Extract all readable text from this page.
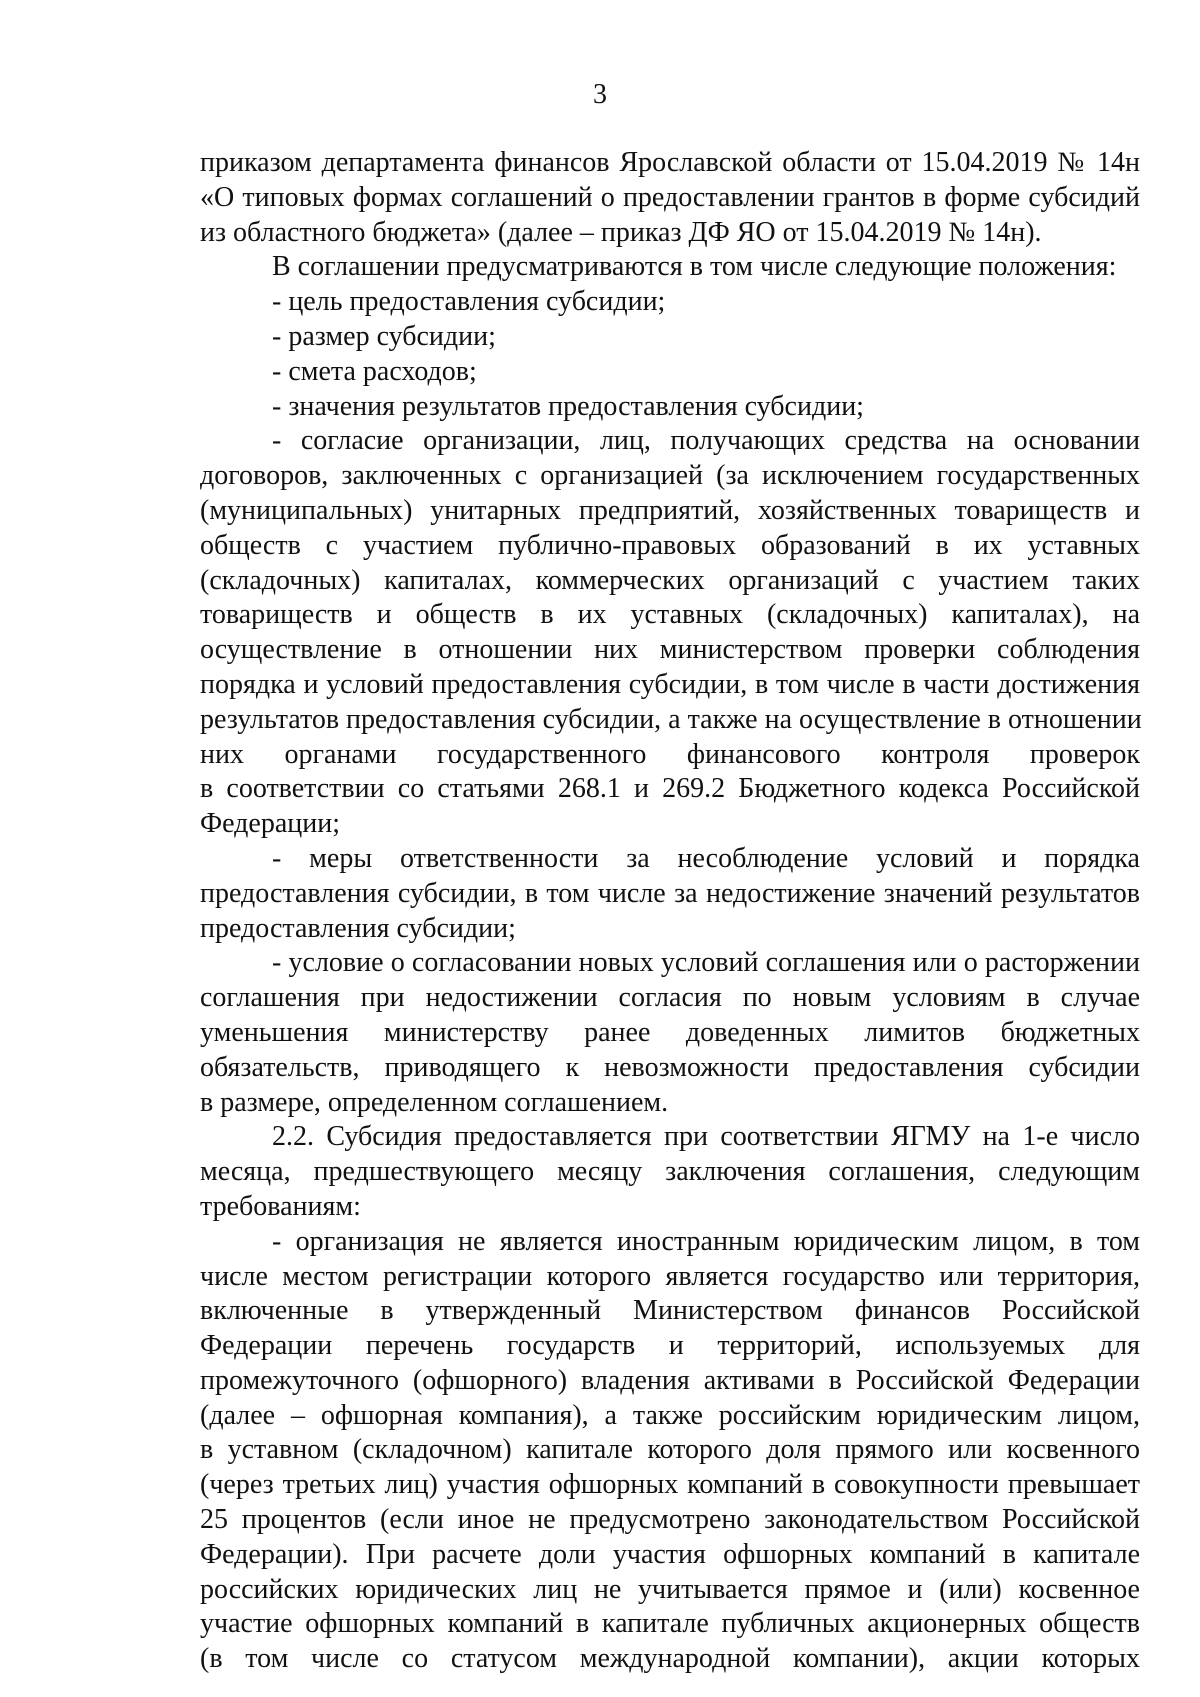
3
приказом департамента финансов Ярославской области от 15.04.2019 № 14н
«О типовых формах соглашений о предоставлении грантов в форме субсидий
из областного бюджета» (далее – приказ ДФ ЯО от 15.04.2019 № 14н).
В соглашении предусматриваются в том числе следующие положения:
- цель предоставления субсидии;
- размер субсидии;
- смета расходов;
- значения результатов предоставления субсидии;
- согласие организации, лиц, получающих средства на основании
договоров, заключенных с организацией (за исключением государственных
(муниципальных) унитарных предприятий, хозяйственных товариществ и
обществ с участием публично-правовых образований в их уставных
(складочных) капиталах, коммерческих организаций с участием таких
товариществ и обществ в их уставных (складочных) капиталах), на
осуществление в отношении них министерством проверки соблюдения
порядка и условий предоставления субсидии, в том числе в части достижения
результатов предоставления субсидии, а также на осуществление в отношении
них органами государственного финансового контроля проверок
в соответствии со статьями 268.1 и 269.2 Бюджетного кодекса Российской
Федерации;
- меры ответственности за несоблюдение условий и порядка
предоставления субсидии, в том числе за недостижение значений результатов
предоставления субсидии;
- условие о согласовании новых условий соглашения или о расторжении
соглашения при недостижении согласия по новым условиям в случае
уменьшения министерству ранее доведенных лимитов бюджетных
обязательств, приводящего к невозможности предоставления субсидии
в размере, определенном соглашением.
2.2. Субсидия предоставляется при соответствии ЯГМУ на 1-е число
месяца, предшествующего месяцу заключения соглашения, следующим
требованиям:
- организация не является иностранным юридическим лицом, в том
числе местом регистрации которого является государство или территория,
включенные в утвержденный Министерством финансов Российской
Федерации перечень государств и территорий, используемых для
промежуточного (офшорного) владения активами в Российской Федерации
(далее – офшорная компания), а также российским юридическим лицом,
в уставном (складочном) капитале которого доля прямого или косвенного
(через третьих лиц) участия офшорных компаний в совокупности превышает
25 процентов (если иное не предусмотрено законодательством Российской
Федерации). При расчете доли участия офшорных компаний в капитале
российских юридических лиц не учитывается прямое и (или) косвенное
участие офшорных компаний в капитале публичных акционерных обществ
(в том числе со статусом международной компании), акции которых
